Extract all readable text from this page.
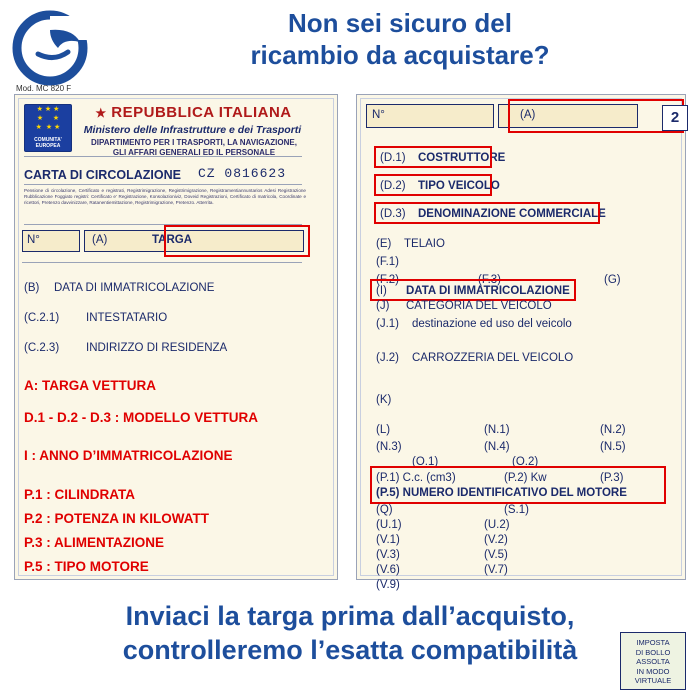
Non sei sicuro del
ricambio da acquistare?
Mod. MC 820 F
★ ★ ★
★     ★
★  ★ ★
COMUNITA’
EUROPEA
★ REPUBBLICA ITALIANA
Ministero delle Infrastrutture e dei Trasporti
DIPARTIMENTO PER I TRASPORTI, LA NAVIGAZIONE,
GLI AFFARI GENERALI ED IL PERSONALE
CARTA DI CIRCOLAZIONE CZ 0816623
Pensione di circolazione, Certificato e registrati, Registrimigrazione, Registrimigrazione, Registramentiannuntarios Adesi Registrazione Rubblicazione Foggiato registri: Certificato e’ Registrazione, Konsolazioniviz, Doveid Registrazioni, Certificato di matricola, Coordinate e ricettori, Pretenzo davvinizzare, Ratanentiemittazione, Registrimigrazione, Pretenzo. Atterrita.
N°	(A)	TARGA
(B) DATA DI IMMATRICOLAZIONE
(C.2.1) INTESTATARIO
(C.2.3) INDIRIZZO DI RESIDENZA
A: TARGA VETTURA
D.1 - D.2 - D.3 : MODELLO VETTURA
I : ANNO D’IMMATRICOLAZIONE
P.1 : CILINDRATA
P.2 : POTENZA IN KILOWATT
P.3 : ALIMENTAZIONE
P.5 : TIPO MOTORE
N°	(A)	2
(D.1) COSTRUTTORE
(D.2) TIPO VEICOLO
(D.3) DENOMINAZIONE COMMERCIALE
(E) TELAIO
(F.1)
(F.2)	(F.3)	(G)
(I) DATA DI IMMATRICOLAZIONE
(J) CATEGORIA DEL VEICOLO
(J.1) destinazione ed uso del veicolo
(J.2) CARROZZERIA DEL VEICOLO
(K)
(L)	(N.1)	(N.2)
(N.3)	(N.4)	(N.5)
(O.1)	(O.2)
(P.1) C.c. (cm3)	(P.2) Kw	(P.3)
(P.5) NUMERO IDENTIFICATIVO DEL MOTORE
(Q)	(S.1)
(U.1)	(U.2)
(V.1)	(V.2)
(V.3)	(V.5)
(V.6)	(V.7)
(V.9)
IMPOSTA
DI BOLLO
ASSOLTA
IN MODO
VIRTUALE
Inviaci la targa prima dall’acquisto,
controlleremo l’esatta compatibilità
